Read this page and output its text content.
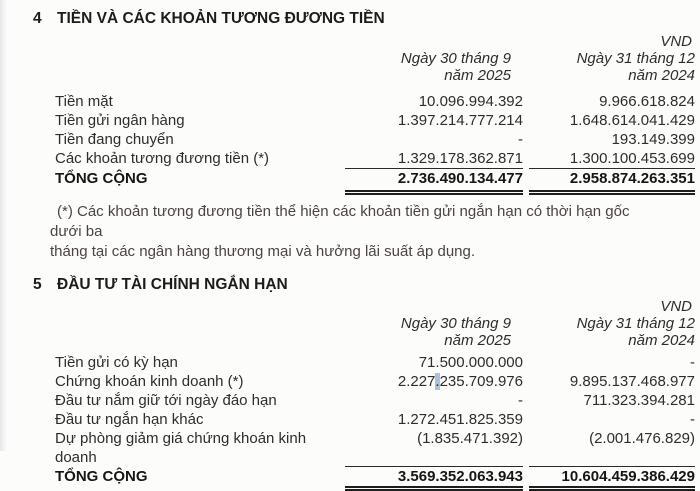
4 TIỀN VÀ CÁC KHOẢN TƯƠNG ĐƯƠNG TIỀN
VND
Ngày 30 tháng 9
năm 2025
Ngày 31 tháng 12
năm 2024
Tiền mặt	10.096.994.392	9.966.618.824
Tiền gửi ngân hàng	1.397.214.777.214	1.648.614.041.429
Tiền đang chuyển	-	193.149.399
Các khoản tương đương tiền (*)	1.329.178.362.871	1.300.100.453.699
TỔNG CỘNG	2.736.490.134.477	2.958.874.263.351
(*) Các khoản tương đương tiền thể hiện các khoản tiền gửi ngắn hạn có thời hạn gốc dưới ba
tháng tại các ngân hàng thương mại và hưởng lãi suất áp dụng.
5 ĐẦU TƯ TÀI CHÍNH NGẮN HẠN
VND
Ngày 30 tháng 9
năm 2025
Ngày 31 tháng 12
năm 2024
Tiền gửi có kỳ hạn	71.500.000.000	-
Chứng khoán kinh doanh (*)	2.227.235.709.976	9.895.137.468.977
Đầu tư nắm giữ tới ngày đáo hạn	-	711.323.394.281
Đầu tư ngắn hạn khác	1.272.451.825.359	-
Dự phòng giảm giá chứng khoán kinh doanh
(1.835.471.392)	(2.001.476.829)
TỔNG CỘNG	3.569.352.063.943	10.604.459.386.429
